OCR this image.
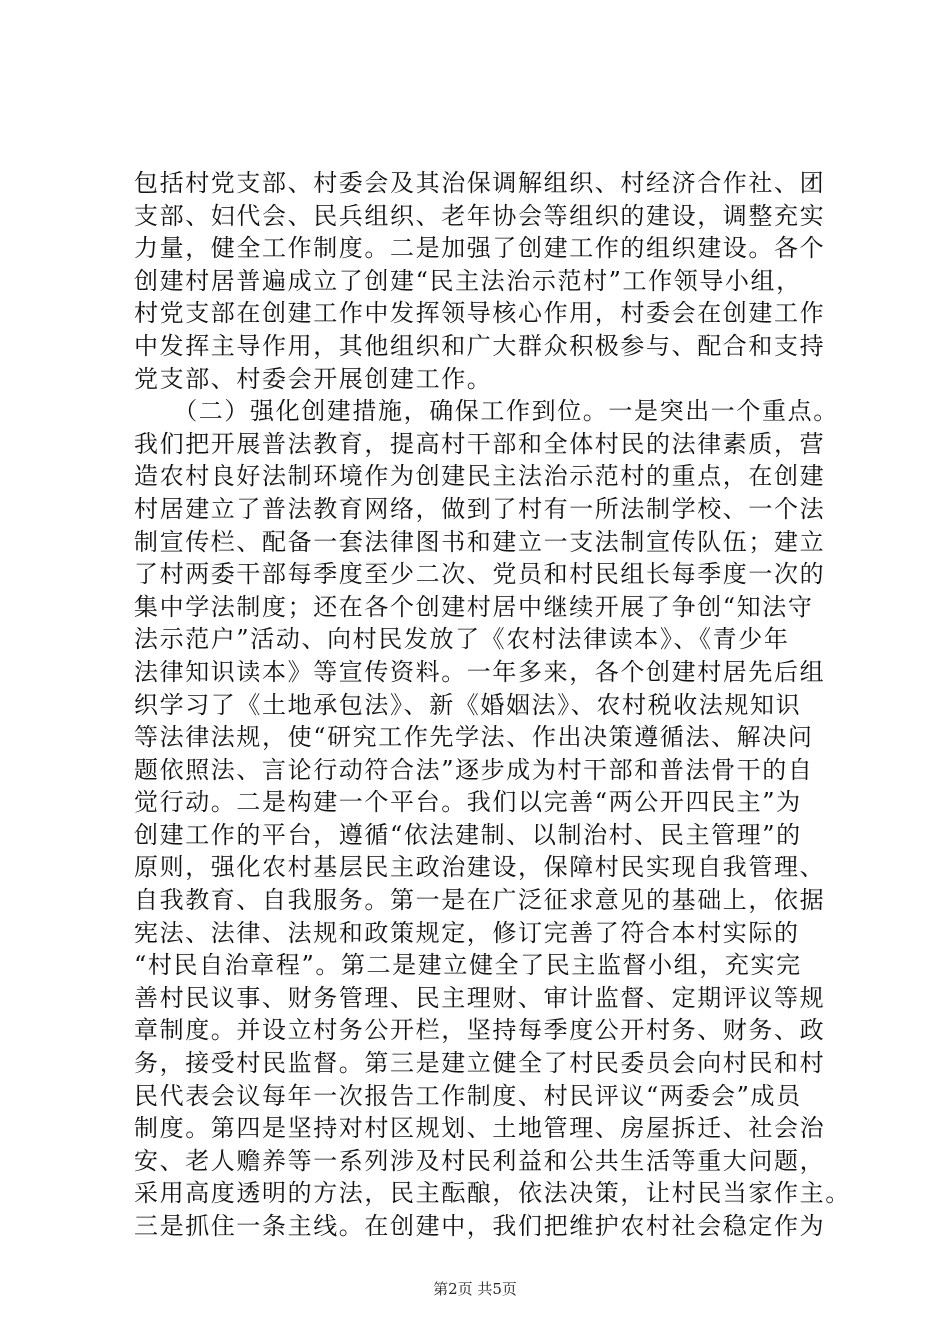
包括村党支部、村委会及其治保调解组织、村经济合作社、团
支部、妇代会、民兵组织、老年协会等组织的建设，调整充实
力量，健全工作制度。二是加强了创建工作的组织建设。各个
创建村居普遍成立了创建“民主法治示范村”工作领导小组，
村党支部在创建工作中发挥领导核心作用，村委会在创建工作
中发挥主导作用，其他组织和广大群众积极参与、配合和支持
党支部、村委会开展创建工作。
　　（二）强化创建措施，确保工作到位。一是突出一个重点。
我们把开展普法教育，提高村干部和全体村民的法律素质，营
造农村良好法制环境作为创建民主法治示范村的重点，在创建
村居建立了普法教育网络，做到了村有一所法制学校、一个法
制宣传栏、配备一套法律图书和建立一支法制宣传队伍；建立
了村两委干部每季度至少二次、党员和村民组长每季度一次的
集中学法制度；还在各个创建村居中继续开展了争创“知法守
法示范户”活动、向村民发放了《农村法律读本》、《青少年
法律知识读本》等宣传资料。一年多来，各个创建村居先后组
织学习了《土地承包法》、新《婚姻法》、农村税收法规知识
等法律法规，使“研究工作先学法、作出决策遵循法、解决问
题依照法、言论行动符合法”逐步成为村干部和普法骨干的自
觉行动。二是构建一个平台。我们以完善“两公开四民主”为
创建工作的平台，遵循“依法建制、以制治村、民主管理”的
原则，强化农村基层民主政治建设，保障村民实现自我管理、
自我教育、自我服务。第一是在广泛征求意见的基础上，依据
宪法、法律、法规和政策规定，修订完善了符合本村实际的
“村民自治章程”。第二是建立健全了民主监督小组，充实完
善村民议事、财务管理、民主理财、审计监督、定期评议等规
章制度。并设立村务公开栏，坚持每季度公开村务、财务、政
务，接受村民监督。第三是建立健全了村民委员会向村民和村
民代表会议每年一次报告工作制度、村民评议“两委会”成员
制度。第四是坚持对村区规划、土地管理、房屋拆迁、社会治
安、老人赡养等一系列涉及村民利益和公共生活等重大问题，
采用高度透明的方法，民主酝酿，依法决策，让村民当家作主。
三是抓住一条主线。在创建中，我们把维护农村社会稳定作为
第2页 共5页
